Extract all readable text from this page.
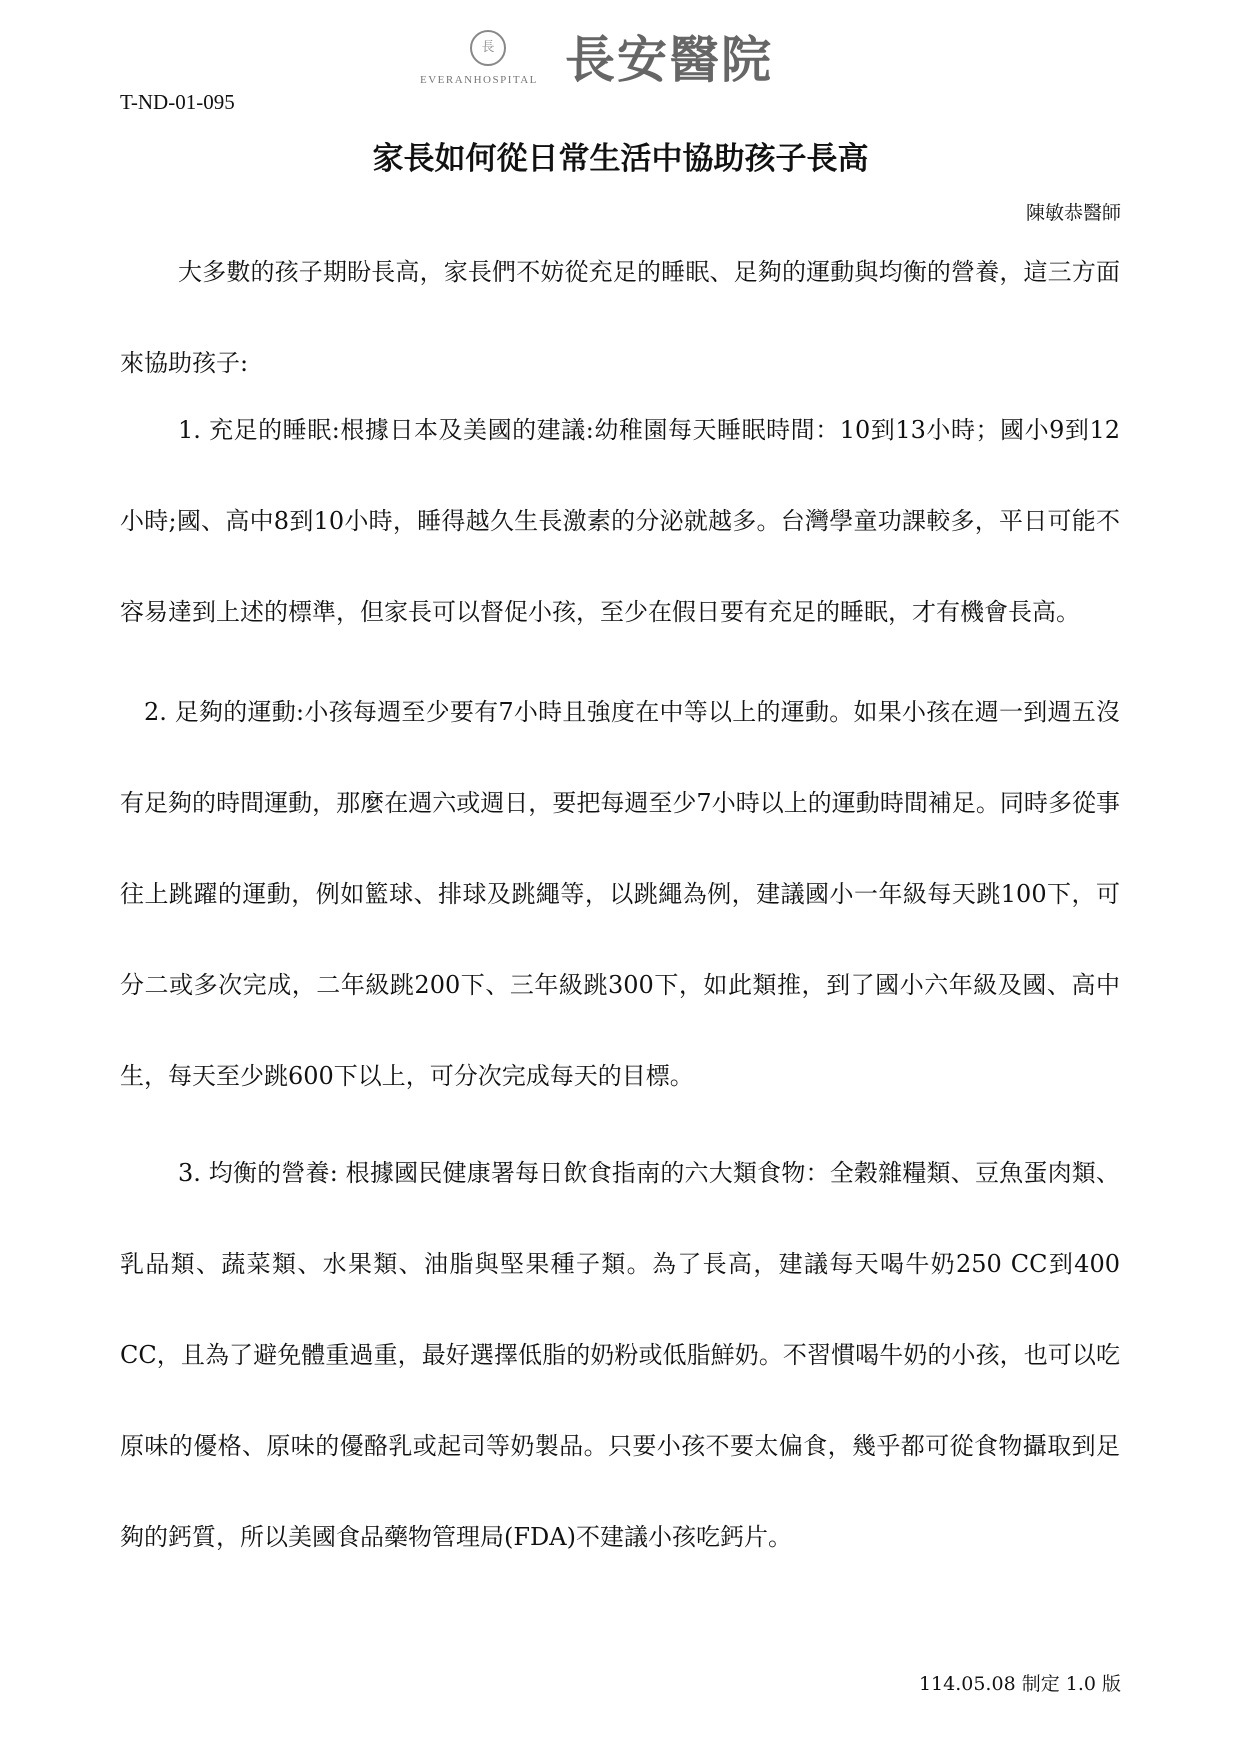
T-ND-01-095
長
EVERANHOSPITAL 長安醫院
家長如何從日常生活中協助孩子長高
陳敏恭醫師

大多數的孩子期盼長高，家長們不妨從充足的睡眠、足夠的運動與均衡的營養，這三方面來協助孩子:

1. 充足的睡眠:根據日本及美國的建議:幼稚園每天睡眠時間：10到13小時；國小9到12小時;國、高中8到10小時，睡得越久生長激素的分泌就越多。台灣學童功課較多，平日可能不容易達到上述的標準，但家長可以督促小孩，至少在假日要有充足的睡眠，才有機會長高。

2. 足夠的運動:小孩每週至少要有7小時且強度在中等以上的運動。如果小孩在週一到週五沒有足夠的時間運動，那麼在週六或週日，要把每週至少7小時以上的運動時間補足。同時多從事往上跳躍的運動，例如籃球、排球及跳繩等，以跳繩為例，建議國小一年級每天跳100下，可分二或多次完成，二年級跳200下、三年級跳300下，如此類推，到了國小六年級及國、高中生，每天至少跳600下以上，可分次完成每天的目標。

3. 均衡的營養: 根據國民健康署每日飲食指南的六大類食物：全穀雜糧類、豆魚蛋肉類、乳品類、蔬菜類、水果類、油脂與堅果種子類。為了長高，建議每天喝牛奶250 CC到400 CC，且為了避免體重過重，最好選擇低脂的奶粉或低脂鮮奶。不習慣喝牛奶的小孩，也可以吃原味的優格、原味的優酪乳或起司等奶製品。只要小孩不要太偏食，幾乎都可從食物攝取到足夠的鈣質，所以美國食品藥物管理局(FDA)不建議小孩吃鈣片。

114.05.08 制定 1.0 版
